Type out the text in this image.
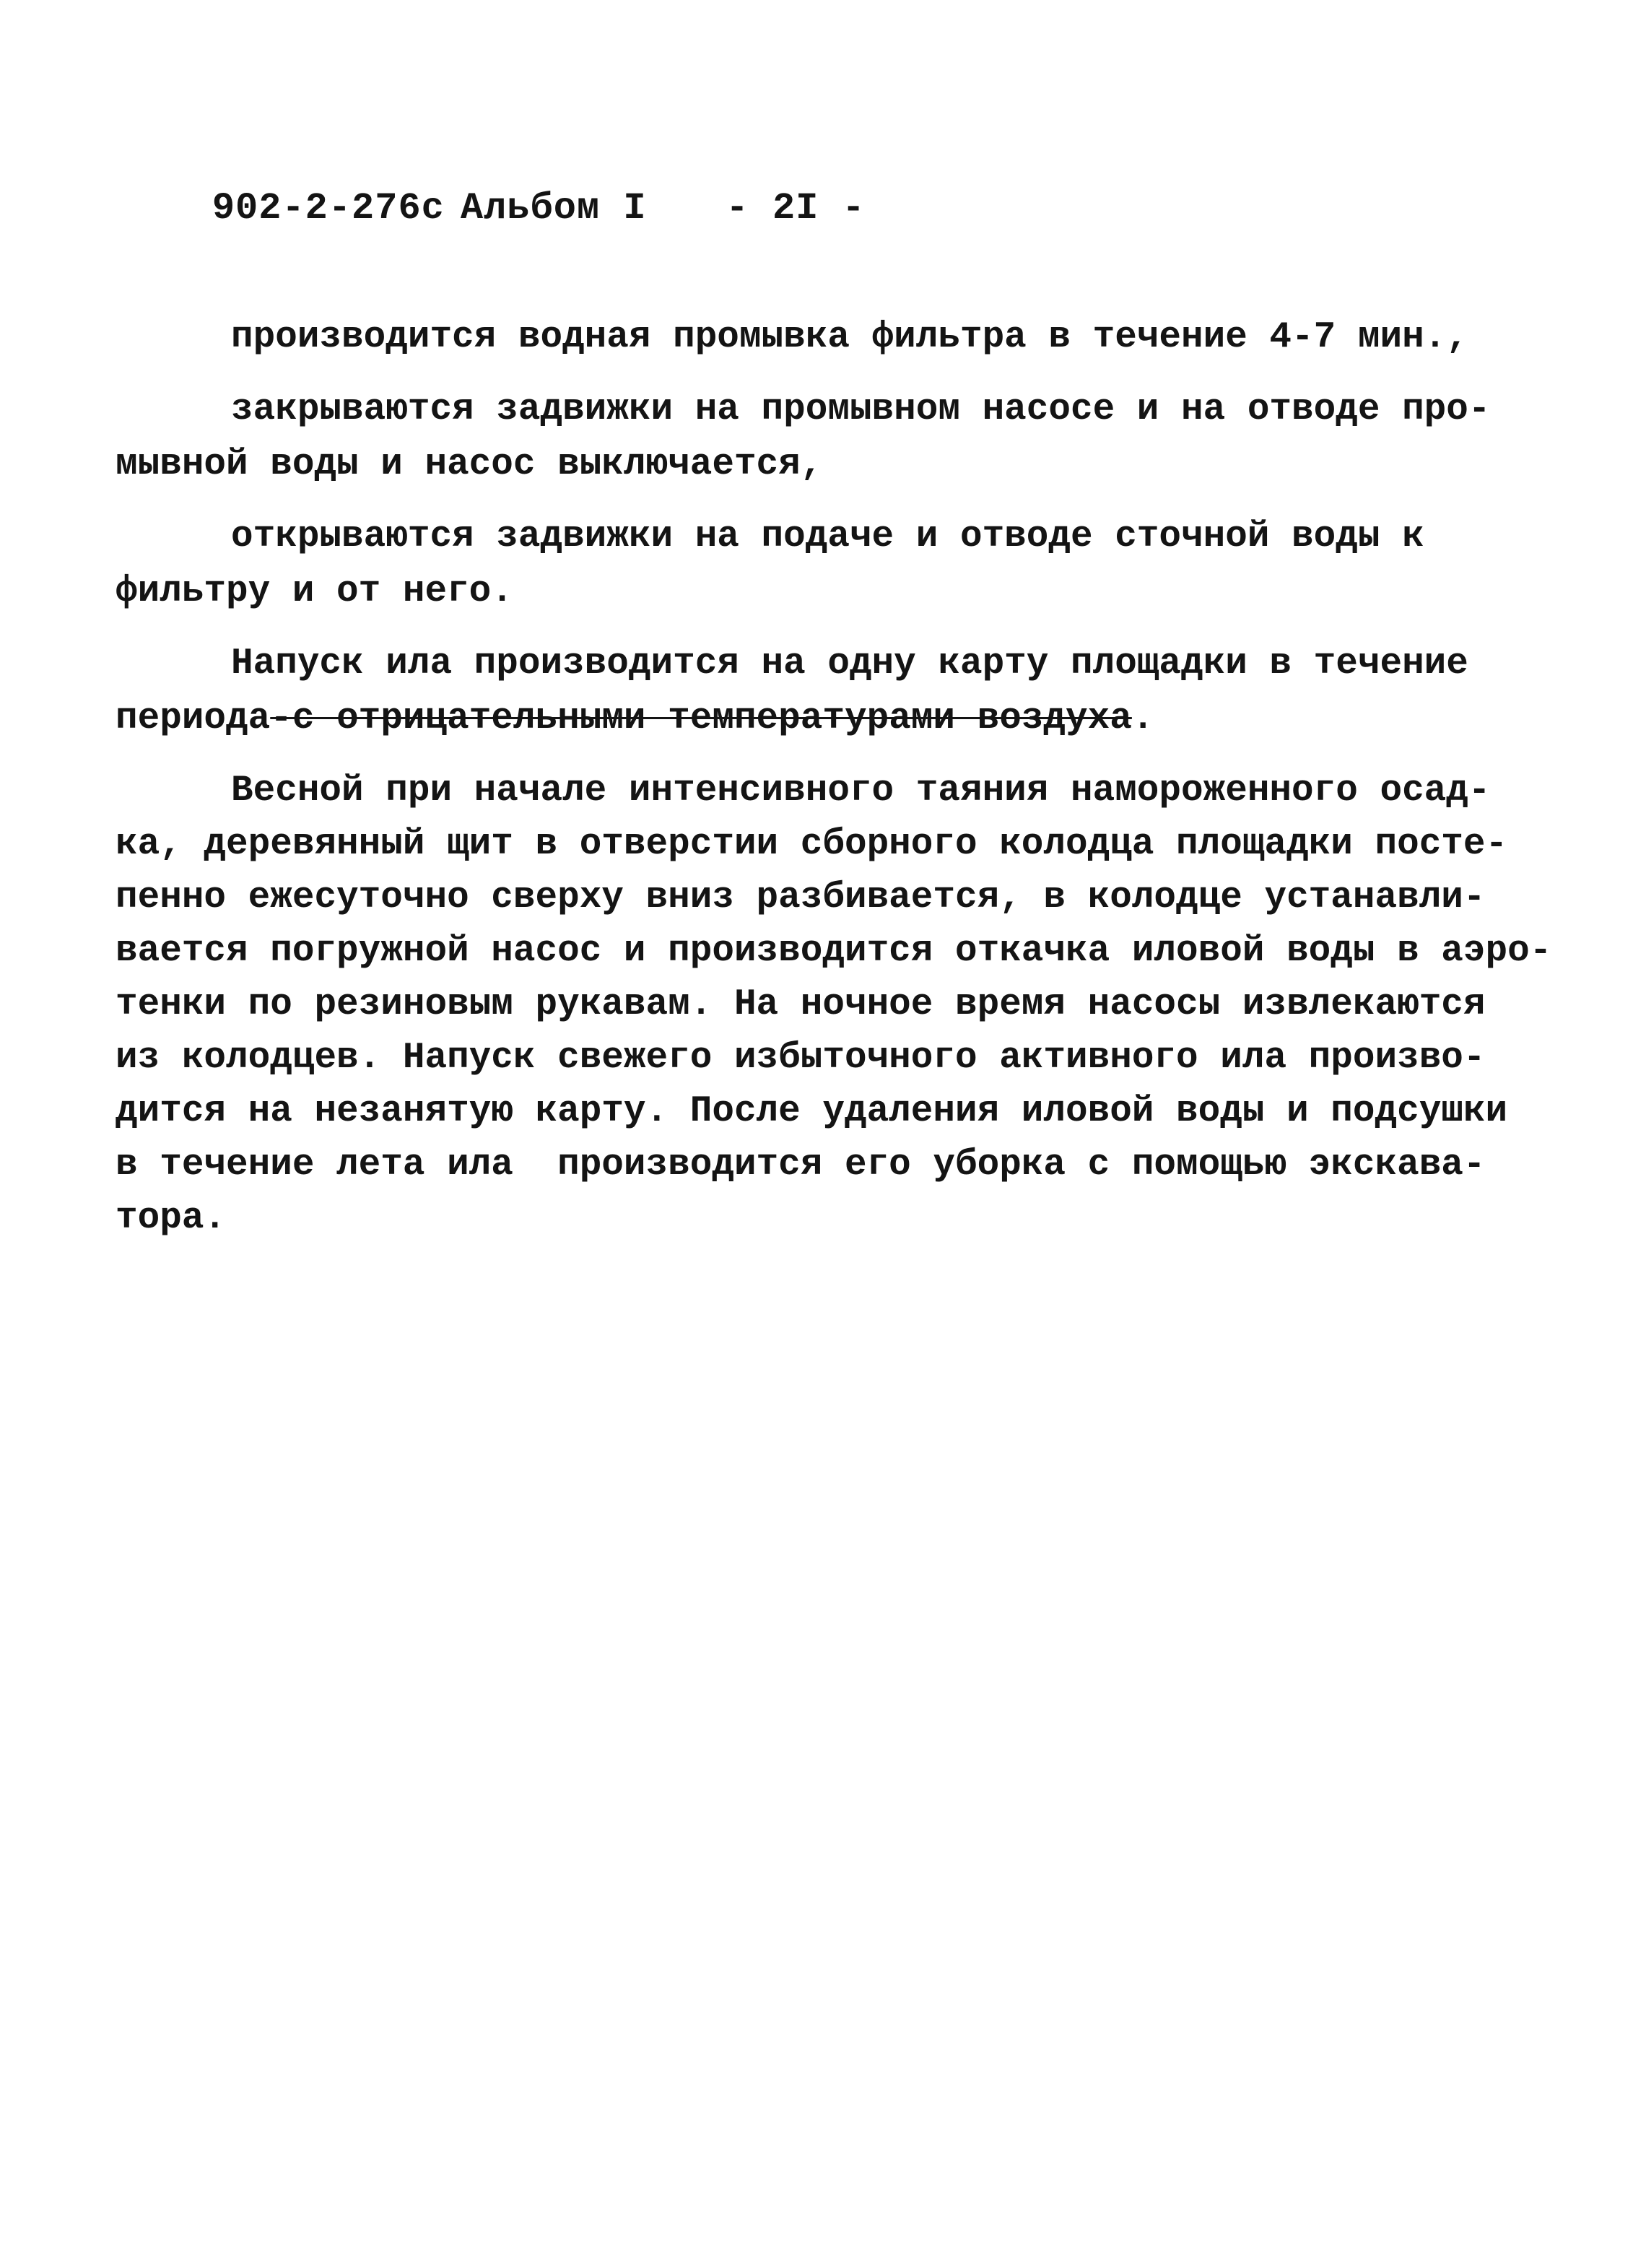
902-2-276с Альбом I - 2I -

производится водная промывка фильтра в течение 4-7 мин.,
закрываются задвижки на промывном насосе и на отводе про-
мывной воды и насос выключается,
открываются задвижки на подаче и отводе сточной воды к
фильтру и от него.
Напуск ила производится на одну карту площадки в течение
периода-с отрицательными температурами воздуха.
Весной при начале интенсивного таяния намороженного осад-
ка, деревянный щит в отверстии сборного колодца площадки посте-
пенно ежесуточно сверху вниз разбивается, в колодце устанавли-
вается погружной насос и производится откачка иловой воды в аэро-
тенки по резиновым рукавам. На ночное время насосы извлекаются
из колодцев. Напуск свежего избыточного активного ила произво-
дится на незанятую карту. После удаления иловой воды и подсушки
в течение лета ила  производится его уборка с помощью экскава-
тора.
